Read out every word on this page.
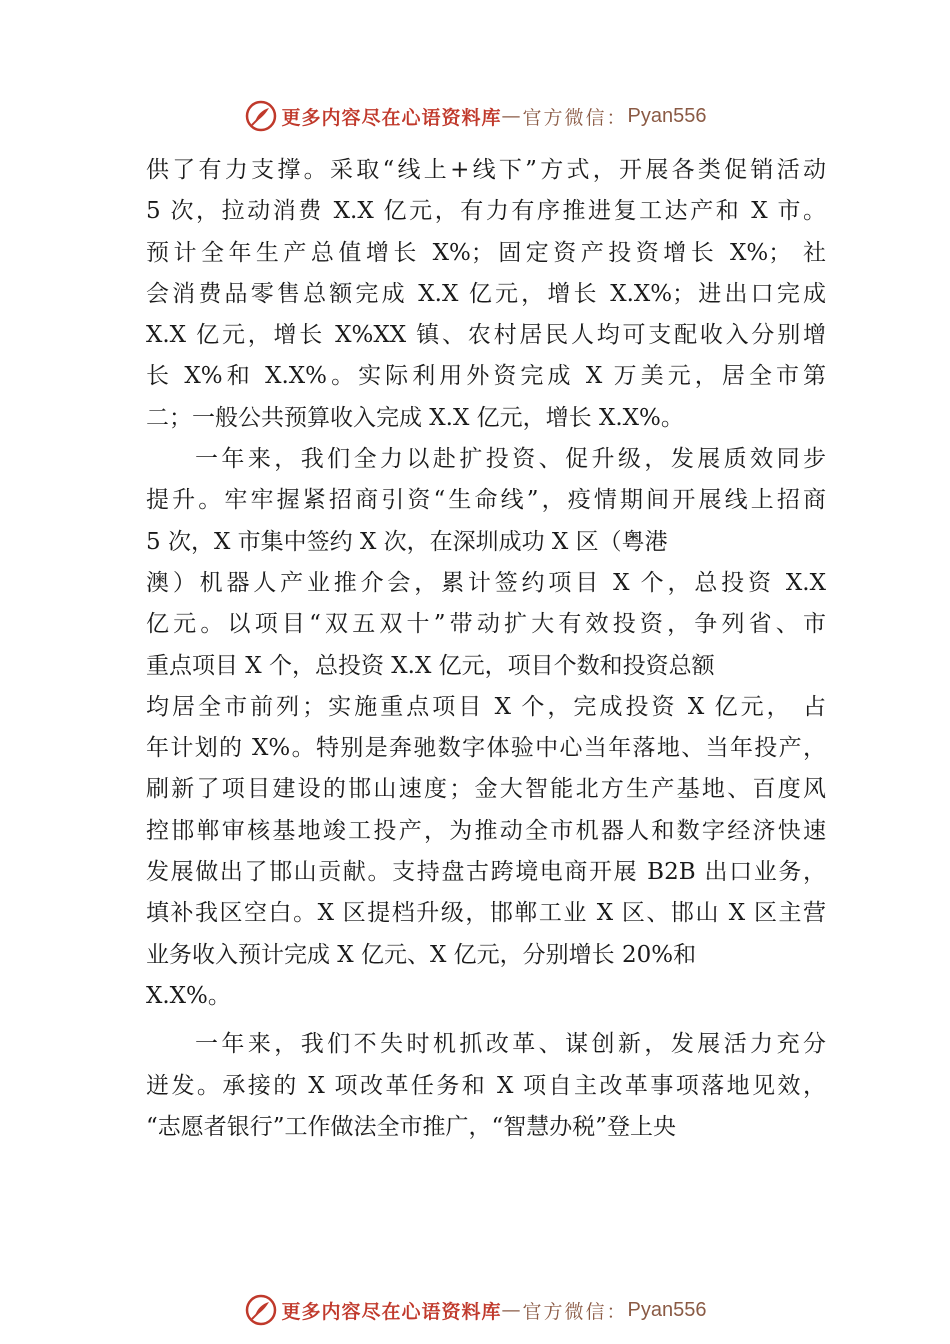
更多内容尽在心语资料库 — 官方微信： Pyan556
供了有力支撑。采取“线上+线下”方式，开展各类促销活动
5 次，拉动消费 X.X 亿元，有力有序推进复工达产和 X 市。
预计全年生产总值增长 X%；固定资产投资增长 X%； 社
会消费品零售总额完成 X.X 亿元，增长 X.X%；进出口完成
X.X 亿元，增长 X%XX 镇、农村居民人均可支配收入分别增
长 X%和 X.X%。实际利用外资完成 X 万美元，居全市第
二；一般公共预算收入完成 X.X 亿元，增长 X.X%。
一年来，我们全力以赴扩投资、促升级，发展质效同步
提升。牢牢握紧招商引资“生命线”，疫情期间开展线上招商
5 次，X 市集中签约 X 次，在深圳成功 X 区（粤港
澳）机器人产业推介会，累计签约项目 X 个，总投资 X.X
亿元。以项目“双五双十”带动扩大有效投资，争列省、市
重点项目 X 个，总投资 X.X 亿元，项目个数和投资总额
均居全市前列；实施重点项目 X 个，完成投资 X 亿元， 占
年计划的 X%。特别是奔驰数字体验中心当年落地、当年投产，
刷新了项目建设的邯山速度；金大智能北方生产基地、百度风
控邯郸审核基地竣工投产，为推动全市机器人和数字经济快速
发展做出了邯山贡献。支持盘古跨境电商开展 B2B 出口业务，
填补我区空白。X 区提档升级，邯郸工业 X 区、邯山 X 区主营
业务收入预计完成 X 亿元、X 亿元，分别增长 20%和
X.X%。
一年来，我们不失时机抓改革、谋创新，发展活力充分
迸发。承接的 X 项改革任务和 X 项自主改革事项落地见效，
“志愿者银行”工作做法全市推广，“智慧办税”登上央
更多内容尽在心语资料库 — 官方微信： Pyan556
